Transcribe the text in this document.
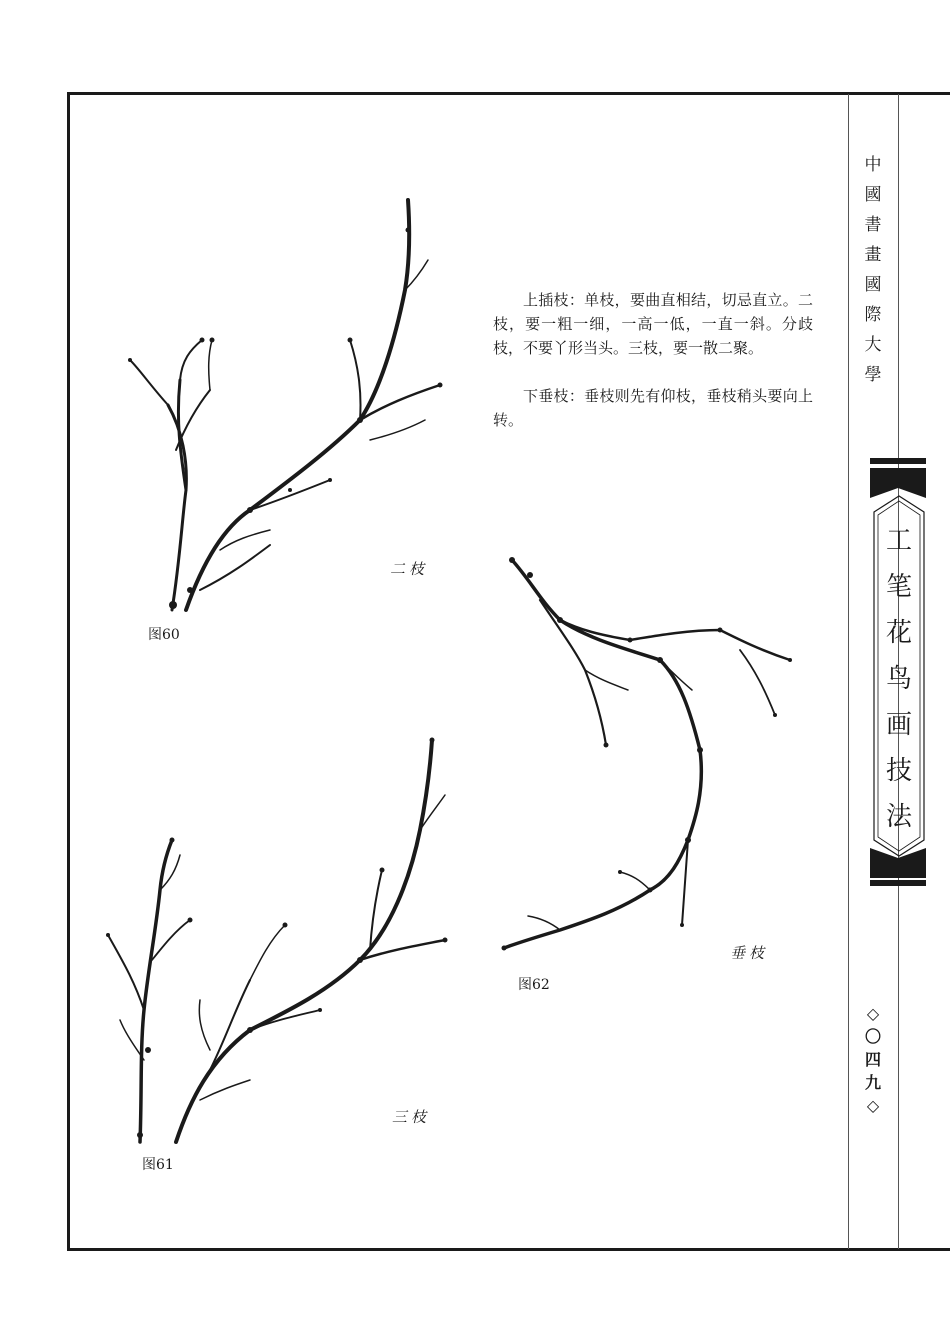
中
國
書
畫
國
際
大
學
工
笔
花
鸟
画
技
法
◇
〇
四
九
◇

上插枝：单枝，要曲直相结，切忌直立。二枝，要一粗一细，一高一低，一直一斜。分歧枝，不要丫形当头。三枝，要一散二聚。

下垂枝：垂枝则先有仰枝，垂枝稍头要向上转。

图60
二枝
图61
三枝
图62
垂枝
